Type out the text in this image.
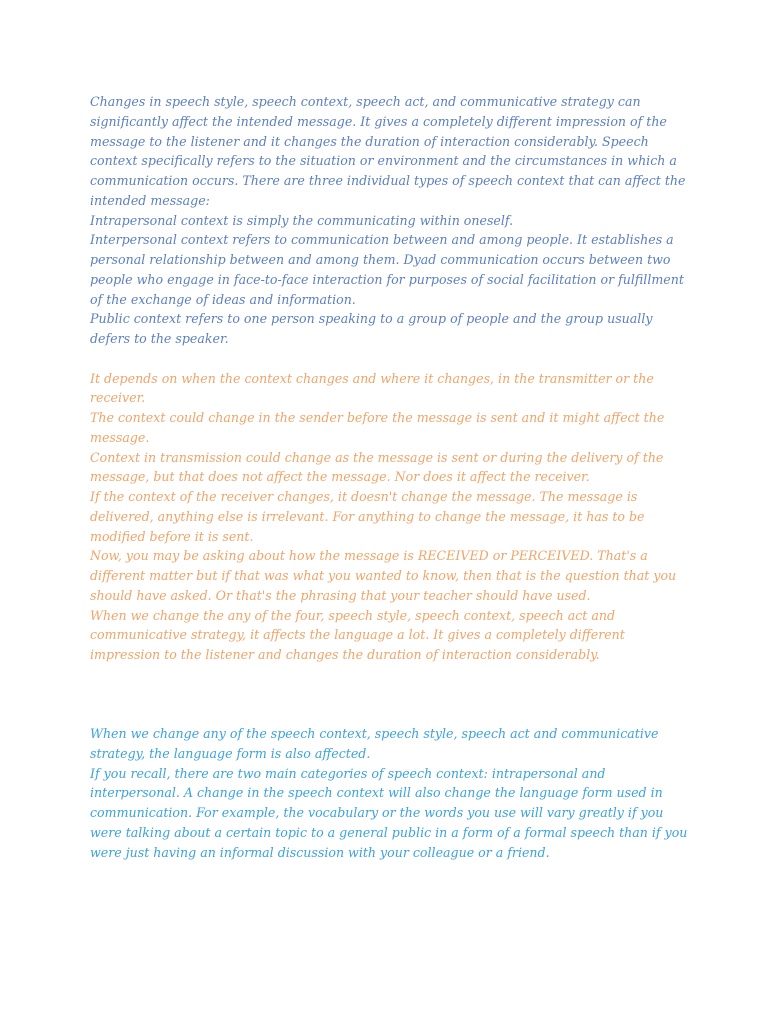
Changes in speech style, speech context, speech act, and communicative strategy can significantly affect the intended message. It gives a completely different impression of the message to the listener and it changes the duration of interaction considerably. Speech context specifically refers to the situation or environment and the circumstances in which a communication occurs. There are three individual types of speech context that can affect the intended message:

Intrapersonal context is simply the communicating within oneself.

Interpersonal context refers to communication between and among people. It establishes a personal relationship between and among them. Dyad communication occurs between two people who engage in face-to-face interaction for purposes of social facilitation or fulfillment of the exchange of ideas and information.

Public context refers to one person speaking to a group of people and the group usually defers to the speaker.

It depends on when the context changes and where it changes, in the transmitter or the receiver.

The context could change in the sender before the message is sent and it might affect the message.

Context in transmission could change as the message is sent or during the delivery of the message, but that does not affect the message. Nor does it affect the receiver.

If the context of the receiver changes, it doesn't change the message. The message is delivered, anything else is irrelevant. For anything to change the message, it has to be modified before it is sent.

Now, you may be asking about how the message is RECEIVED or PERCEIVED. That's a different matter but if that was what you wanted to know, then that is the question that you should have asked. Or that's the phrasing that your teacher should have used.

When we change the any of the four, speech style, speech context, speech act and communicative strategy, it affects the language a lot. It gives a completely different impression to the listener and changes the duration of interaction considerably.

When we change any of the speech context, speech style, speech act and communicative strategy, the language form is also affected.

If you recall, there are two main categories of speech context: intrapersonal and interpersonal. A change in the speech context will also change the language form used in communication. For example, the vocabulary or the words you use will vary greatly if you were talking about a certain topic to a general public in a form of a formal speech than if you were just having an informal discussion with your colleague or a friend.
